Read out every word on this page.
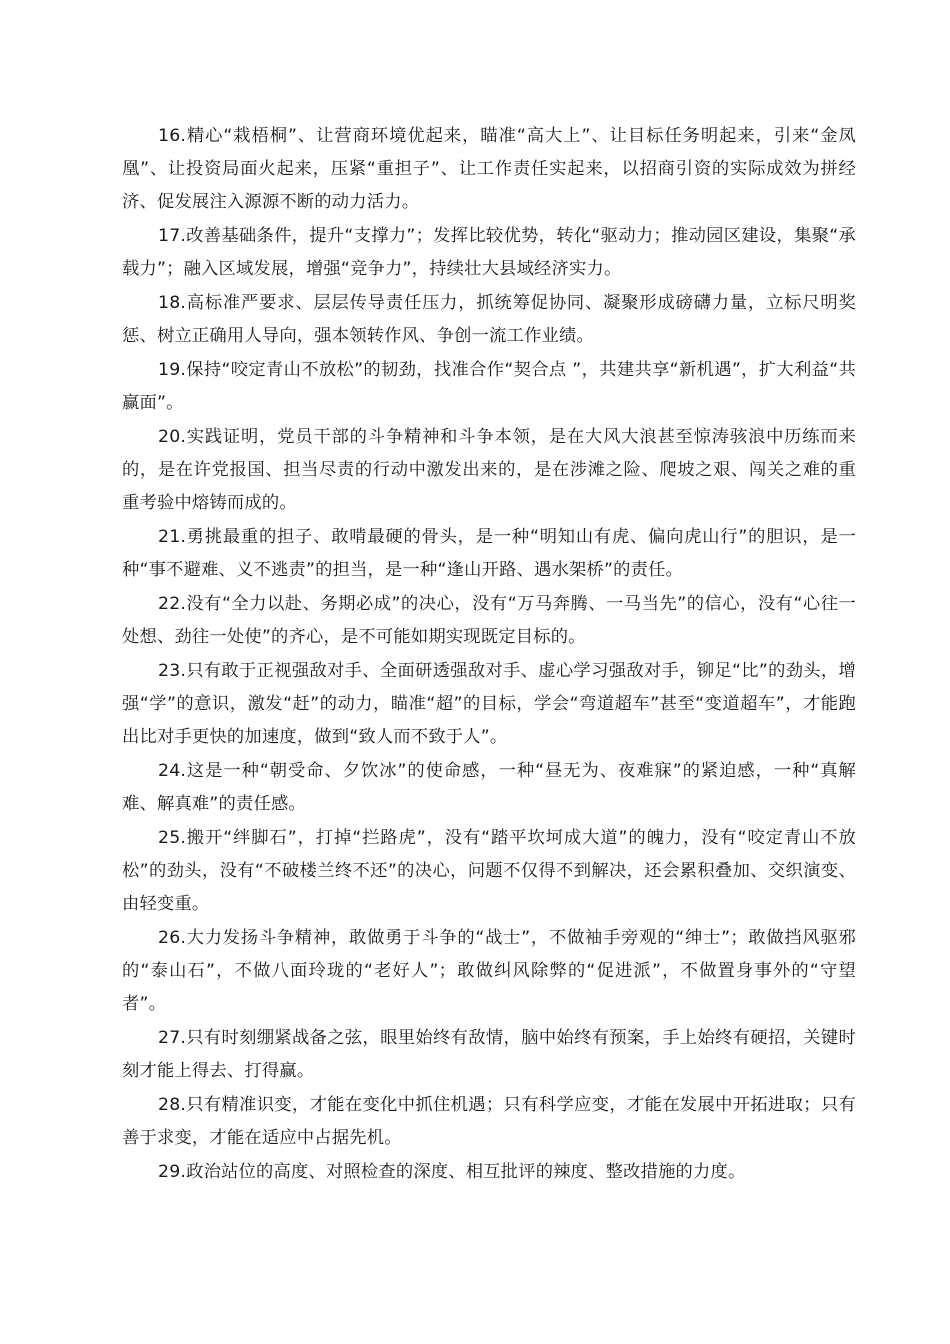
16.精心“栽梧桐”、让营商环境优起来，瞄准“高大上”、让目标任务明起来，引来“金凤凰”、让投资局面火起来，压紧“重担子”、让工作责任实起来，以招商引资的实际成效为拼经济、促发展注入源源不断的动力活力。

17.改善基础条件，提升“支撑力”；发挥比较优势，转化“驱动力；推动园区建设，集聚“承载力”；融入区域发展，增强“竞争力”，持续壮大县域经济实力。

18.高标准严要求、层层传导责任压力，抓统筹促协同、凝聚形成磅礴力量，立标尺明奖惩、树立正确用人导向，强本领转作风、争创一流工作业绩。

19.保持“咬定青山不放松”的韧劲，找准合作“契合点 ”，共建共享“新机遇”，扩大利益“共赢面”。

20.实践证明，党员干部的斗争精神和斗争本领，是在大风大浪甚至惊涛骇浪中历练而来的，是在许党报国、担当尽责的行动中激发出来的，是在涉滩之险、爬坡之艰、闯关之难的重重考验中熔铸而成的。

21.勇挑最重的担子、敢啃最硬的骨头，是一种“明知山有虎、偏向虎山行”的胆识，是一种“事不避难、义不逃责”的担当，是一种“逢山开路、遇水架桥”的责任。

22.没有“全力以赴、务期必成”的决心，没有“万马奔腾、一马当先”的信心，没有“心往一处想、劲往一处使”的齐心，是不可能如期实现既定目标的。

23.只有敢于正视强敌对手、全面研透强敌对手、虚心学习强敌对手，铆足“比”的劲头，增强“学”的意识，激发“赶”的动力，瞄准“超”的目标，学会“弯道超车”甚至“变道超车”，才能跑出比对手更快的加速度，做到“致人而不致于人”。

24.这是一种“朝受命、夕饮冰”的使命感，一种“昼无为、夜难寐”的紧迫感，一种“真解难、解真难”的责任感。

25.搬开“绊脚石”，打掉“拦路虎”，没有“踏平坎坷成大道”的魄力，没有“咬定青山不放松”的劲头，没有“不破楼兰终不还”的决心，问题不仅得不到解决，还会累积叠加、交织演变、由轻变重。

26.大力发扬斗争精神，敢做勇于斗争的“战士”，不做袖手旁观的“绅士”；敢做挡风驱邪的“泰山石”，不做八面玲珑的“老好人”；敢做纠风除弊的“促进派”，不做置身事外的“守望者”。

27.只有时刻绷紧战备之弦，眼里始终有敌情，脑中始终有预案，手上始终有硬招，关键时刻才能上得去、打得赢。

28.只有精准识变，才能在变化中抓住机遇；只有科学应变，才能在发展中开拓进取；只有善于求变，才能在适应中占据先机。

29.政治站位的高度、对照检查的深度、相互批评的辣度、整改措施的力度。
